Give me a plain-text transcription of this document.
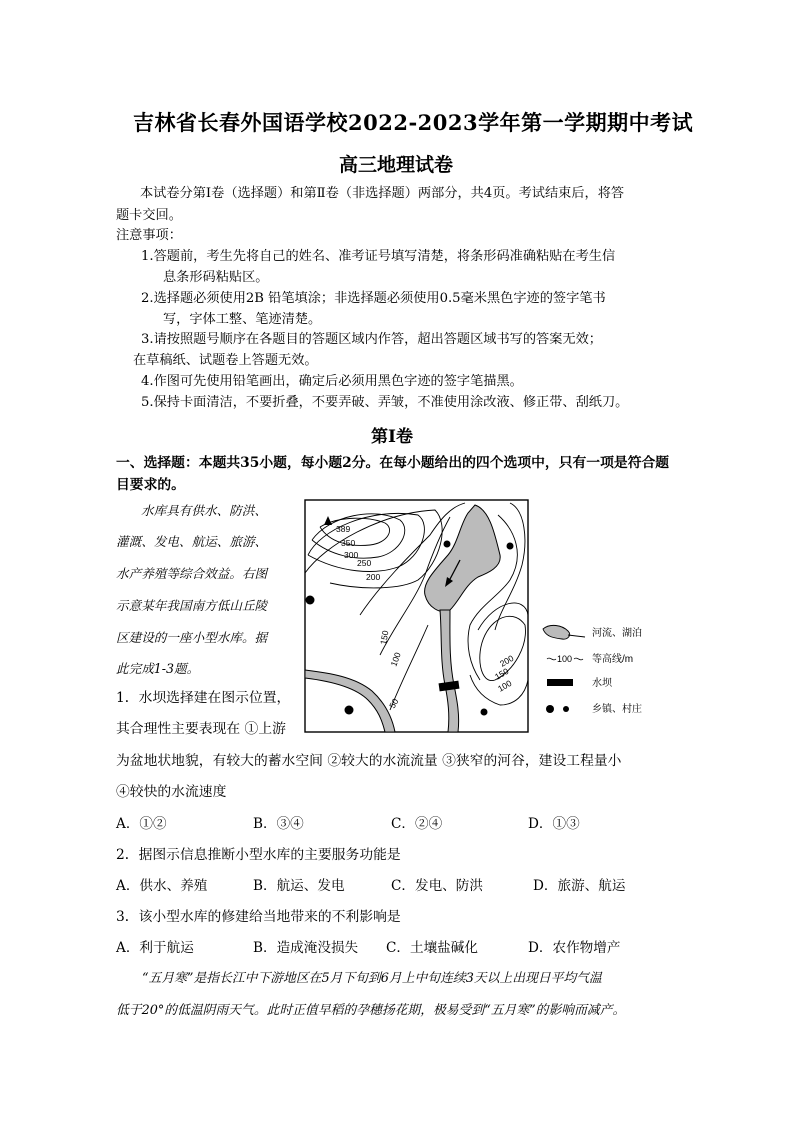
吉林省长春外国语学校2022-2023学年第一学期期中考试
高三地理试卷
本试卷分第Ⅰ卷（选择题）和第Ⅱ卷（非选择题）两部分，共4页。考试结束后，将答
题卡交回。
注意事项：
1.答题前，考生先将自己的姓名、准考证号填写清楚，将条形码准确粘贴在考生信
息条形码粘贴区。
2.选择题必须使用2B 铅笔填涂；非选择题必须使用0.5毫米黑色字迹的签字笔书
写，字体工整、笔迹清楚。
3.请按照题号顺序在各题目的答题区域内作答，超出答题区域书写的答案无效；
在草稿纸、试题卷上答题无效。
4.作图可先使用铅笔画出，确定后必须用黑色字迹的签字笔描黑。
5.保持卡面清洁，不要折叠，不要弄破、弄皱，不准使用涂改液、修正带、刮纸刀。
第Ⅰ卷
一、选择题：本题共35小题，每小题2分。在每小题给出的四个选项中，只有一项是符合题
目要求的。
水库具有供水、防洪、
灌溉、发电、航运、旅游、
水产养殖等综合效益。右图
示意某年我国南方低山丘陵
区建设的一座小型水库。据
此完成1-3题。
389
350
300
250
200
150
100
50
200
150
100
河流、湖泊
100 等高线/m
水坝
乡镇、村庄
1．水坝选择建在图示位置，
其合理性主要表现在 ①上游
为盆地状地貌，有较大的蓄水空间 ②较大的水流流量 ③狭窄的河谷，建设工程量小
④较快的水流速度
A．①②	B．③④	C．②④	D．①③
2．据图示信息推断小型水库的主要服务功能是
A．供水、养殖	B．航运、发电	C．发电、防洪	D．旅游、航运
3．该小型水库的修建给当地带来的不利影响是
A．利于航运	B．造成淹没损失 C．土壤盐碱化	D．农作物增产
“五月寒”是指长江中下游地区在5月下旬到6月上中旬连续3天以上出现日平均气温
低于20°的低温阴雨天气。此时正值早稻的孕穗扬花期，极易受到“五月寒”的影响而减产。
